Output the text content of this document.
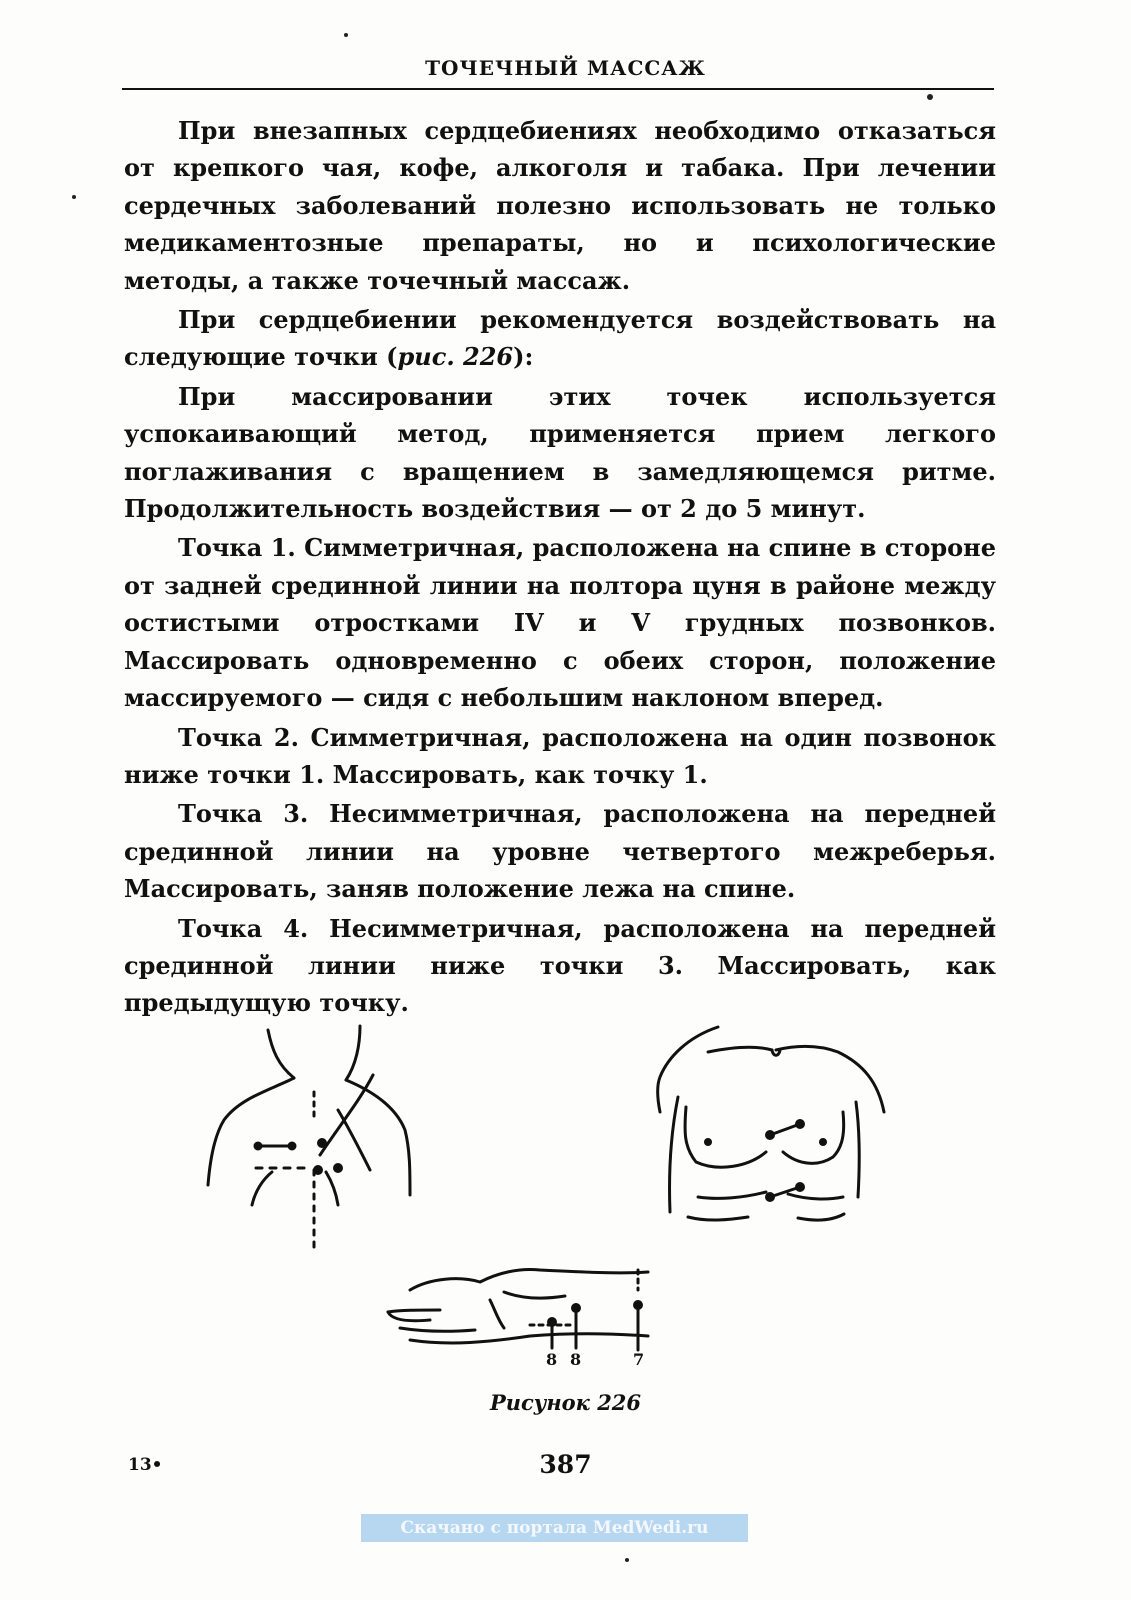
ТОЧЕЧНЫЙ МАССАЖ

При внезапных сердцебиениях необходимо отказаться от крепкого чая, кофе, алкоголя и табака. При лечении сердечных заболеваний полезно использовать не только медикаментозные препараты, но и психологические методы, а также точечный массаж.

При сердцебиении рекомендуется воздействовать на следующие точки (рис. 226):

При массировании этих точек используется успокаивающий метод, применяется прием легкого поглаживания с вращением в замедляющемся ритме. Продолжительность воздействия — от 2 до 5 минут.

Точка 1. Симметричная, расположена на спине в стороне от задней срединной линии на полтора цуня в районе между остистыми отростками IV и V грудных позвонков. Массировать одновременно с обеих сторон, положение массируемого — сидя с небольшим наклоном вперед.

Точка 2. Симметричная, расположена на один позвонок ниже точки 1. Массировать, как точку 1.

Точка 3. Несимметричная, расположена на передней срединной линии на уровне четвертого межреберья. Массировать, заняв положение лежа на спине.

Точка 4. Несимметричная, расположена на передней срединной линии ниже точки 3. Массировать, как предыдущую точку.

8 8	7
Рисунок 226
13•	387
Скачано с портала MedWedi.ru
